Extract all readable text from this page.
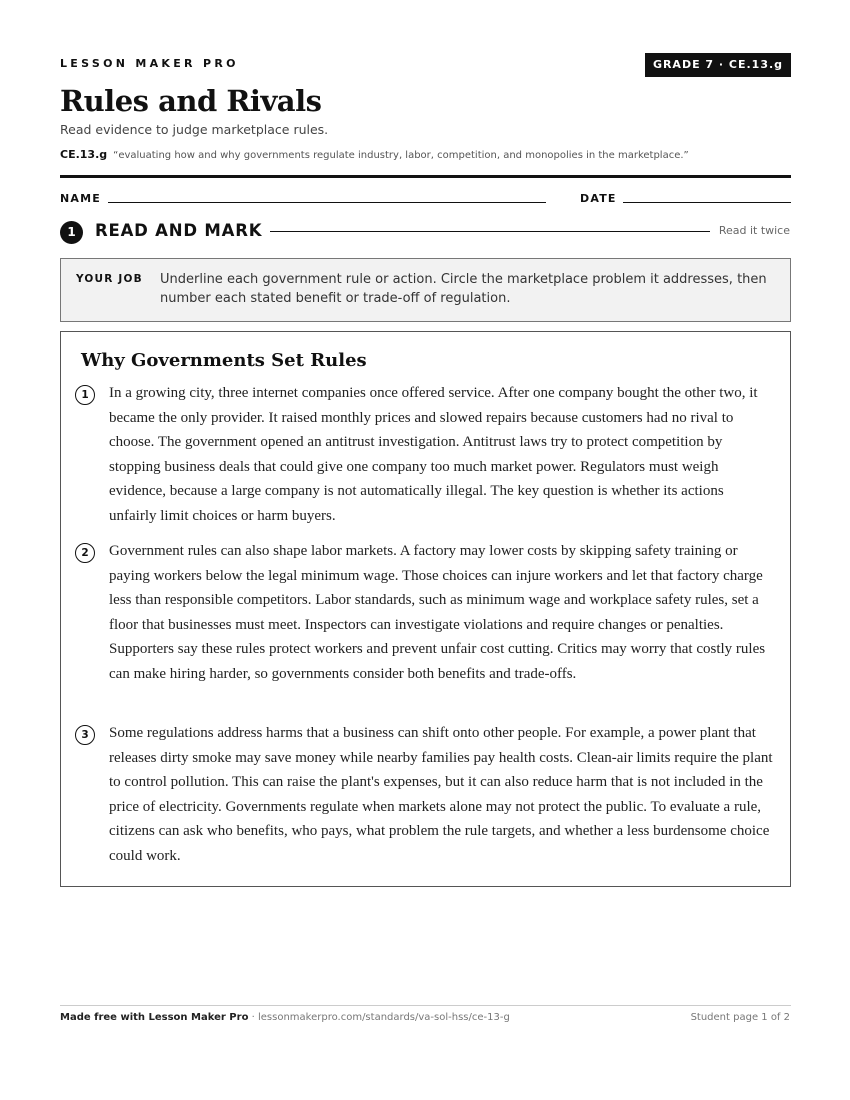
LESSON MAKER PRO	GRADE 7 · CE.13.g
Rules and Rivals
Read evidence to judge marketplace rules.
CE.13.g “evaluating how and why governments regulate industry, labor, competition, and monopolies in the marketplace.”
NAME	DATE
1	READ AND MARK	Read it twice
YOUR JOB Underline each government rule or action. Circle the marketplace problem it addresses, then number each stated benefit or trade-off of regulation.
Why Governments Set Rules
1	In a growing city, three internet companies once offered service. After one company bought the other two, it became the only provider. It raised monthly prices and slowed repairs because customers had no rival to choose. The government opened an antitrust investigation. Antitrust laws try to protect competition by stopping business deals that could give one company too much market power. Regulators must weigh evidence, because a large company is not automatically illegal. The key question is whether its actions unfairly limit choices or harm buyers.
2	Government rules can also shape labor markets. A factory may lower costs by skipping safety training or paying workers below the legal minimum wage. Those choices can injure workers and let that factory charge less than responsible competitors. Labor standards, such as minimum wage and workplace safety rules, set a floor that businesses must meet. Inspectors can investigate violations and require changes or penalties. Supporters say these rules protect workers and prevent unfair cost cutting. Critics may worry that costly rules can make hiring harder, so governments consider both benefits and trade-offs.
3	Some regulations address harms that a business can shift onto other people. For example, a power plant that releases dirty smoke may save money while nearby families pay health costs. Clean-air limits require the plant to control pollution. This can raise the plant's expenses, but it can also reduce harm that is not included in the price of electricity. Governments regulate when markets alone may not protect the public. To evaluate a rule, citizens can ask who benefits, who pays, what problem the rule targets, and whether a less burdensome choice could work.
Made free with Lesson Maker Pro · lessonmakerpro.com/standards/va-sol-hss/ce-13-g	Student page 1 of 2
